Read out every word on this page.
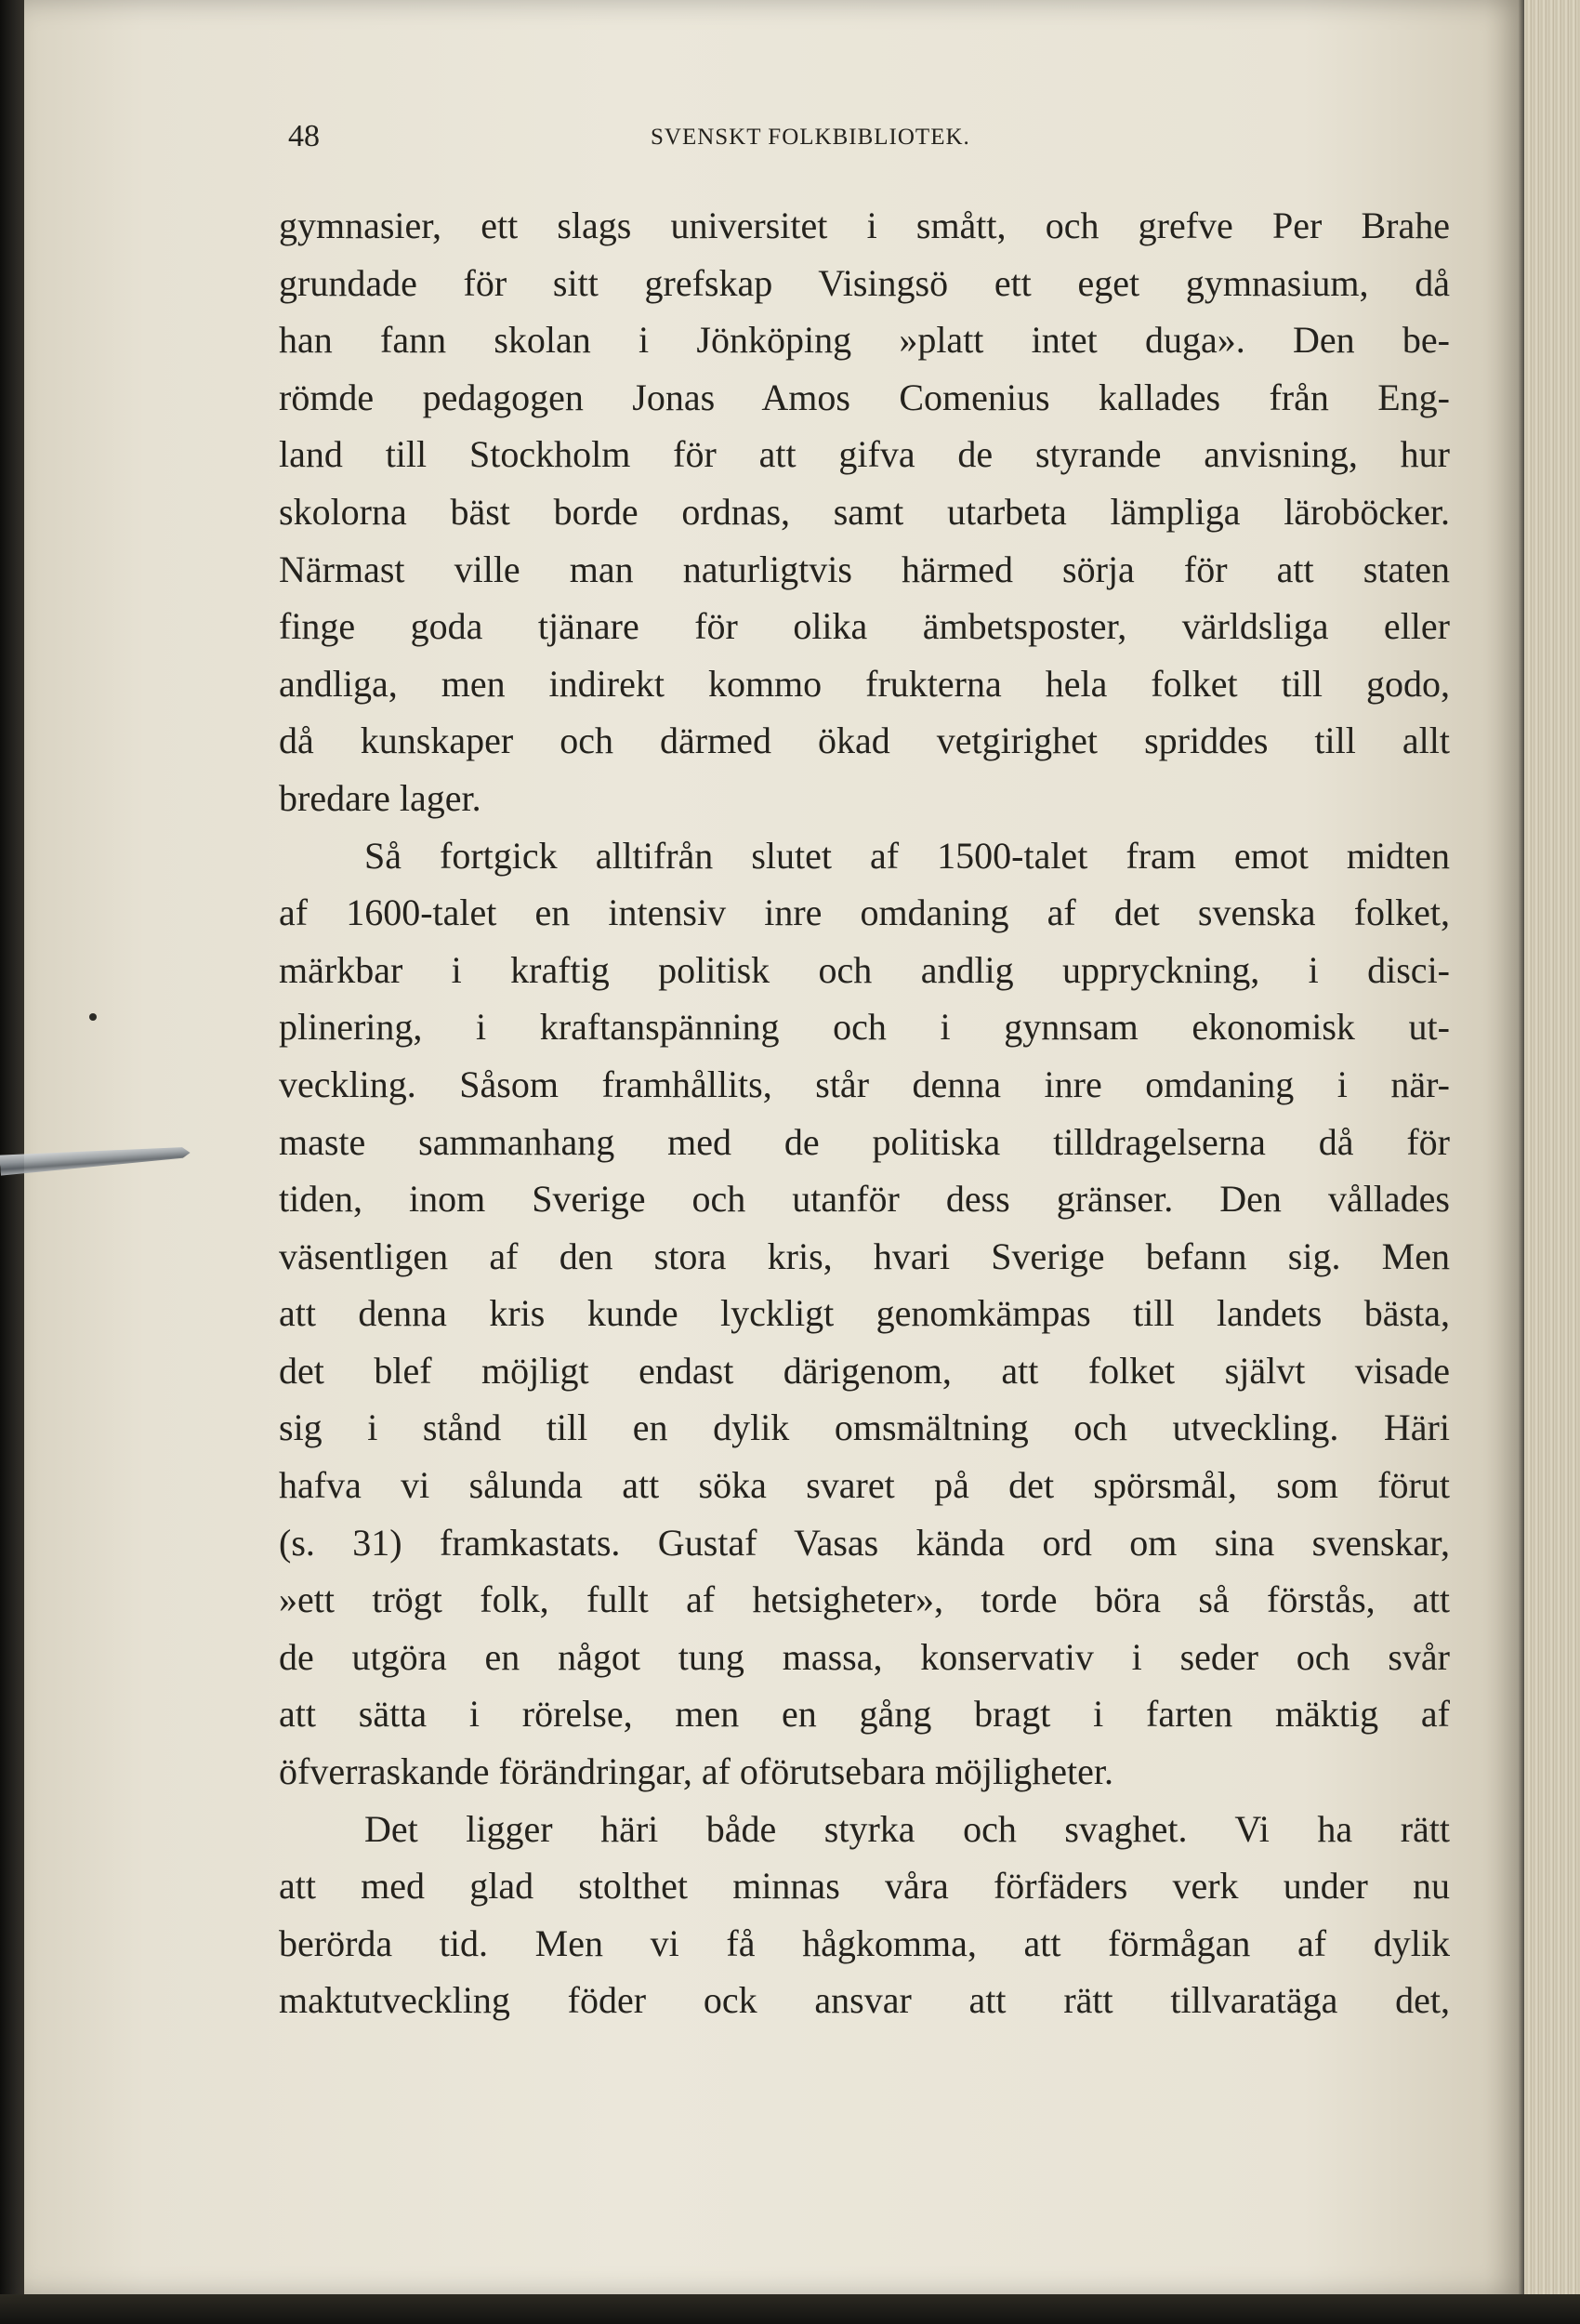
48	SVENSKT FOLKBIBLIOTEK.
gymnasier, ett slags universitet i smått, och grefve Per Brahe
grundade för sitt grefskap Visingsö ett eget gymnasium, då
han fann skolan i Jönköping »platt intet duga». Den be-
römde pedagogen Jonas Amos Comenius kallades från Eng-
land till Stockholm för att gifva de styrande anvisning, hur
skolorna bäst borde ordnas, samt utarbeta lämpliga läroböcker.
Närmast ville man naturligtvis härmed sörja för att staten
finge goda tjänare för olika ämbetsposter, världsliga eller
andliga, men indirekt kommo frukterna hela folket till godo,
då kunskaper och därmed ökad vetgirighet spriddes till allt
bredare lager.
Så fortgick alltifrån slutet af 1500-talet fram emot midten
af 1600-talet en intensiv inre omdaning af det svenska folket,
märkbar i kraftig politisk och andlig uppryckning, i disci-
plinering, i kraftanspänning och i gynnsam ekonomisk ut-
veckling. Såsom framhållits, står denna inre omdaning i när-
maste sammanhang med de politiska tilldragelserna då för
tiden, inom Sverige och utanför dess gränser. Den vållades
väsentligen af den stora kris, hvari Sverige befann sig. Men
att denna kris kunde lyckligt genomkämpas till landets bästa,
det blef möjligt endast därigenom, att folket självt visade
sig i stånd till en dylik omsmältning och utveckling. Häri
hafva vi sålunda att söka svaret på det spörsmål, som förut
(s. 31) framkastats. Gustaf Vasas kända ord om sina svenskar,
»ett trögt folk, fullt af hetsigheter», torde böra så förstås, att
de utgöra en något tung massa, konservativ i seder och svår
att sätta i rörelse, men en gång bragt i farten mäktig af
öfverraskande förändringar, af oförutsebara möjligheter.
Det ligger häri både styrka och svaghet. Vi ha rätt
att med glad stolthet minnas våra förfäders verk under nu
berörda tid. Men vi få hågkomma, att förmågan af dylik
maktutveckling föder ock ansvar att rätt tillvaratäga det,
